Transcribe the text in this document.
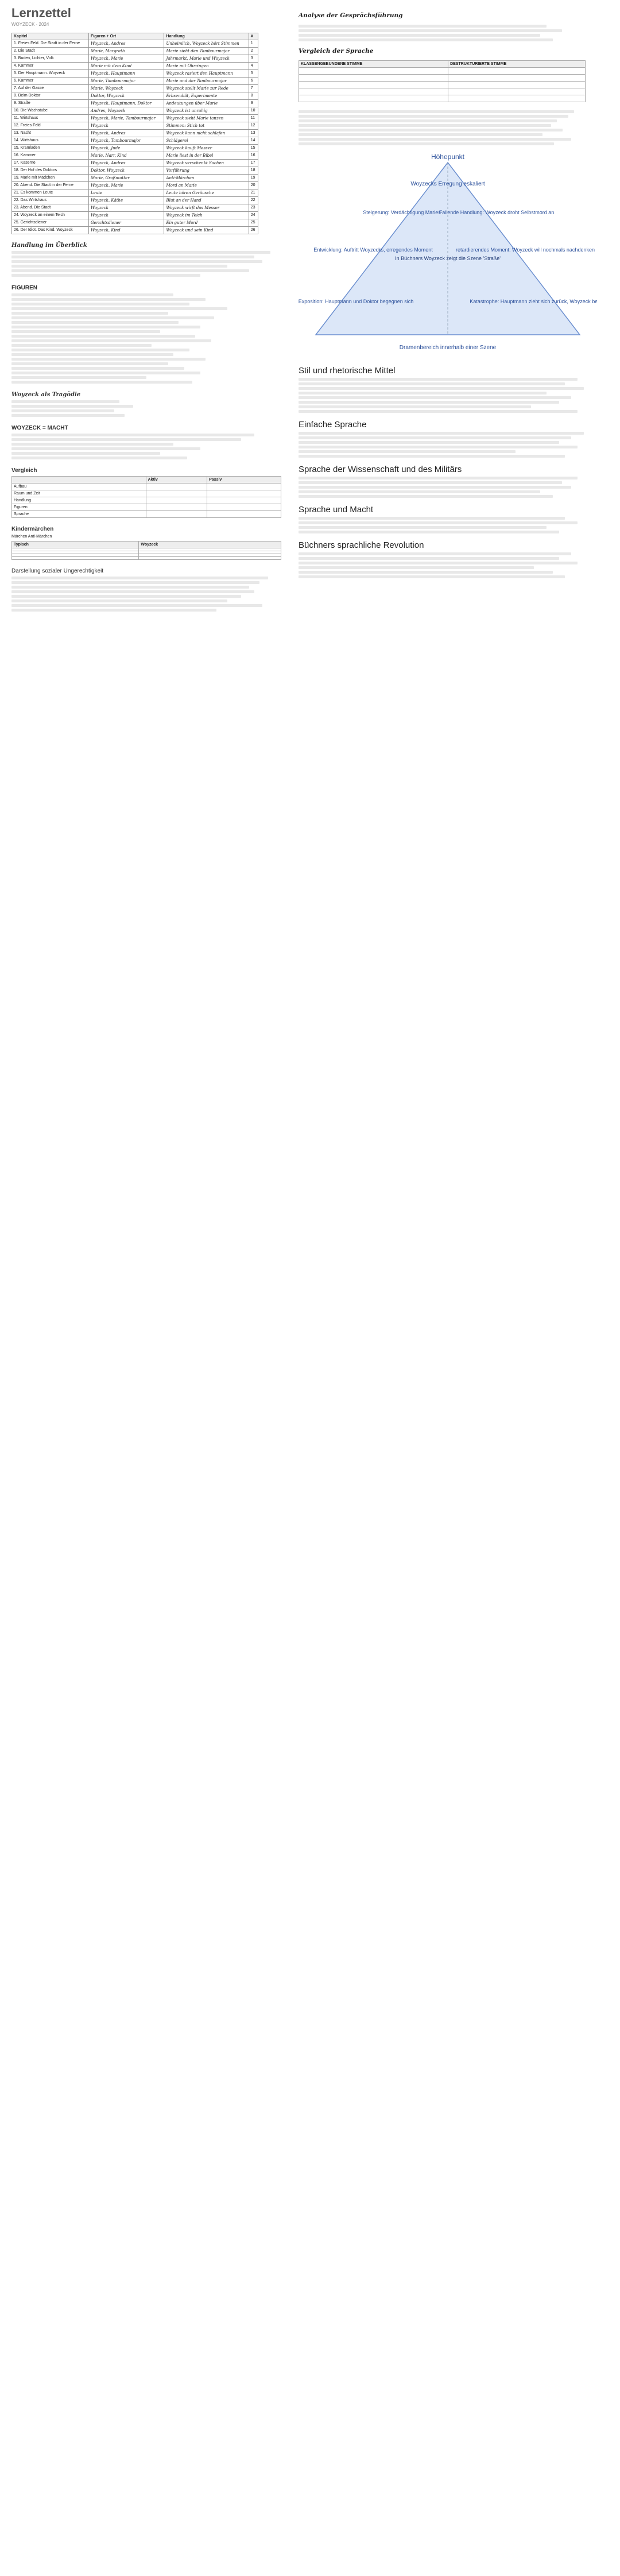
Lernzettel
WOYZECK · 2024
Kapitel	Figuren + Ort	Handlung	#
1. Freies Feld. Die Stadt in der Ferne	Woyzeck, Andres	Unheimlich, Woyzeck hört Stimmen	1
2. Die Stadt	Marie, Margreth	Marie sieht den Tambourmajor	2
3. Buden, Lichter, Volk	Woyzeck, Marie	Jahrmarkt, Marie und Woyzeck	3
4. Kammer	Marie mit dem Kind	Marie mit Ohrringen	4
5. Der Hauptmann. Woyzeck	Woyzeck, Hauptmann	Woyzeck rasiert den Hauptmann	5
6. Kammer	Marie, Tambourmajor	Marie und der Tambourmajor	6
7. Auf der Gasse	Marie, Woyzeck	Woyzeck stellt Marie zur Rede	7
8. Beim Doktor	Doktor, Woyzeck	Erbsendiät, Experimente	8
9. Straße	Woyzeck, Hauptmann, Doktor	Andeutungen über Marie	9
10. Die Wachstube	Andres, Woyzeck	Woyzeck ist unruhig	10
11. Wirtshaus	Woyzeck, Marie, Tambourmajor	Woyzeck sieht Marie tanzen	11
12. Freies Feld	Woyzeck	Stimmen: Stich tot	12
13. Nacht	Woyzeck, Andres	Woyzeck kann nicht schlafen	13
14. Wirtshaus	Woyzeck, Tambourmajor	Schlägerei	14
15. Kramladen	Woyzeck, Jude	Woyzeck kauft Messer	15
16. Kammer	Marie, Narr, Kind	Marie liest in der Bibel	16
17. Kaserne	Woyzeck, Andres	Woyzeck verschenkt Sachen	17
18. Der Hof des Doktors	Doktor, Woyzeck	Vorführung	18
19. Marie mit Mädchen	Marie, Großmutter	Anti-Märchen	19
20. Abend. Die Stadt in der Ferne	Woyzeck, Marie	Mord an Marie	20
21. Es kommen Leute	Leute	Leute hören Geräusche	21
22. Das Wirtshaus	Woyzeck, Käthe	Blut an der Hand	22
23. Abend. Die Stadt	Woyzeck	Woyzeck wirft das Messer	23
24. Woyzeck an einem Teich	Woyzeck	Woyzeck im Teich	24
25. Gerichtsdiener	Gerichtsdiener	Ein guter Mord	25
26. Der Idiot. Das Kind. Woyzeck	Woyzeck, Kind	Woyzeck und sein Kind	26
Handlung im Überblick
FIGUREN
Woyzeck als Tragödie
WOYZECK = MACHT
Vergleich
	Aktiv	Passiv
Aufbau		
Raum und Zeit		
Handlung		
Figuren		
Sprache		
Kindermärchen
Märchen Anti-Märchen
Typisch	Woyzeck

Darstellung sozialer Ungerechtigkeit
Analyse der Gesprächsführung
Vergleich der Sprache
KLASSENGEBUNDENE STIMME	DESTRUKTURIERTE STIMME

Höhepunkt
Woyzecks Erregung eskaliert
Steigerung: Verdächtigung Maries
Fallende Handlung: Woyzeck droht Selbstmord an
Entwicklung: Auftritt Woyzecks, erregendes Moment
In Büchners Woyzeck zeigt die Szene 'Straße'
retardierendes Moment: Woyzeck will nochmals nachdenken
Exposition: Hauptmann und Doktor begegnen sich	Katastrophe: Hauptmann zieht sich zurück, Woyzeck bedroht
Dramenbereich innerhalb einer Szene
Stil und rhetorische Mittel
Einfache Sprache
Sprache der Wissenschaft und des Militärs
Sprache und Macht
Büchners sprachliche Revolution
